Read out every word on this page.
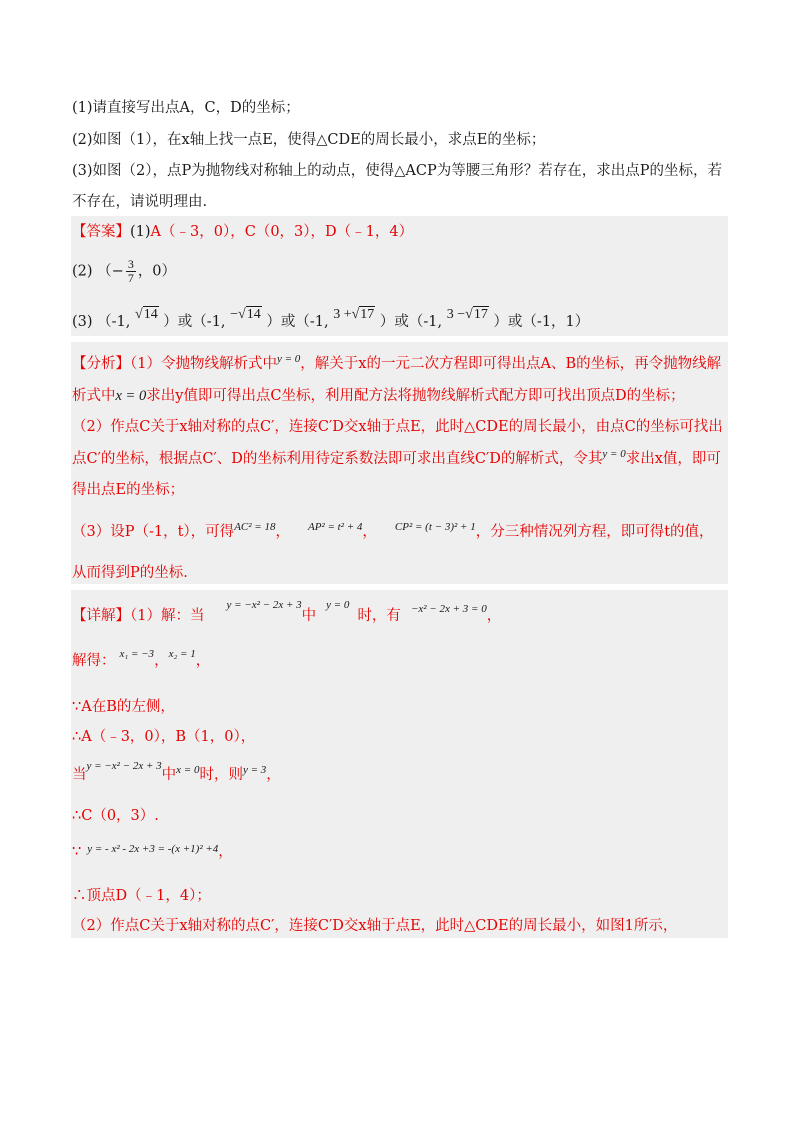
(1)请直接写出点A，C，D的坐标；
(2)如图（1），在x轴上找一点E，使得△CDE的周长最小，求点E的坐标；
(3)如图（2），点P为抛物线对称轴上的动点，使得△ACP为等腰三角形？若存在，求出点P的坐标，若
不存在，请说明理由.
【答案】(1)A（﹣3，0），C（0，3），D（﹣1，4）
(2) （− $\frac{3}{7}$ ，0）
(3) （-1, √14 ）或（-1, −√14 ）或（-1, 3 +√17 ）或（-1, 3 −√17 ）或（-1，1）
【分析】（1）令抛物线解析式中$^{y = 0}$，解关于x的一元二次方程即可得出点A、B的坐标，再令抛物线解
析式中x = 0求出y值即可得出点C坐标，利用配方法将抛物线解析式配方即可找出顶点D的坐标；
（2）作点C关于x轴对称的点C′，连接C′D交x轴于点E，此时△CDE的周长最小，由点C的坐标可找出
点C′的坐标，根据点C′、D的坐标利用待定系数法即可求出直线C′D的解析式，令其$^{y = 0}$求出x值，即可
得出点E的坐标；
（3）设P（-1，t），可得$^{AC^2 = 18}$， $^{AP^2 = t^2 + 4}$， $^{CP^2 = (t - 3)^2 + 1}$，分三种情况列方程，即可得t的值，
从而得到P的坐标.
【详解】（1）解：当$^{y = -x^2 - 2x + 3}$中$^{y = 0}$时，有 $^{-x^2 - 2x + 3 = 0}$，
解得： $^{x_1 = -3}$，$^{x_2 = 1}$，
∵A在B的左侧，
∴A（﹣3，0），B（1，0），
当$^{y = -x^2 - 2x + 3}$中$^{x = 0}$时，则$^{y = 3}$，
∴C（0，3）.
∵ $^{y = - x^2 - 2x +3 = -(x +1)^2 +4}$，
∴顶点D（﹣1，4）；
（2）作点C关于x轴对称的点C′，连接C′D交x轴于点E，此时△CDE的周长最小，如图1所示，
